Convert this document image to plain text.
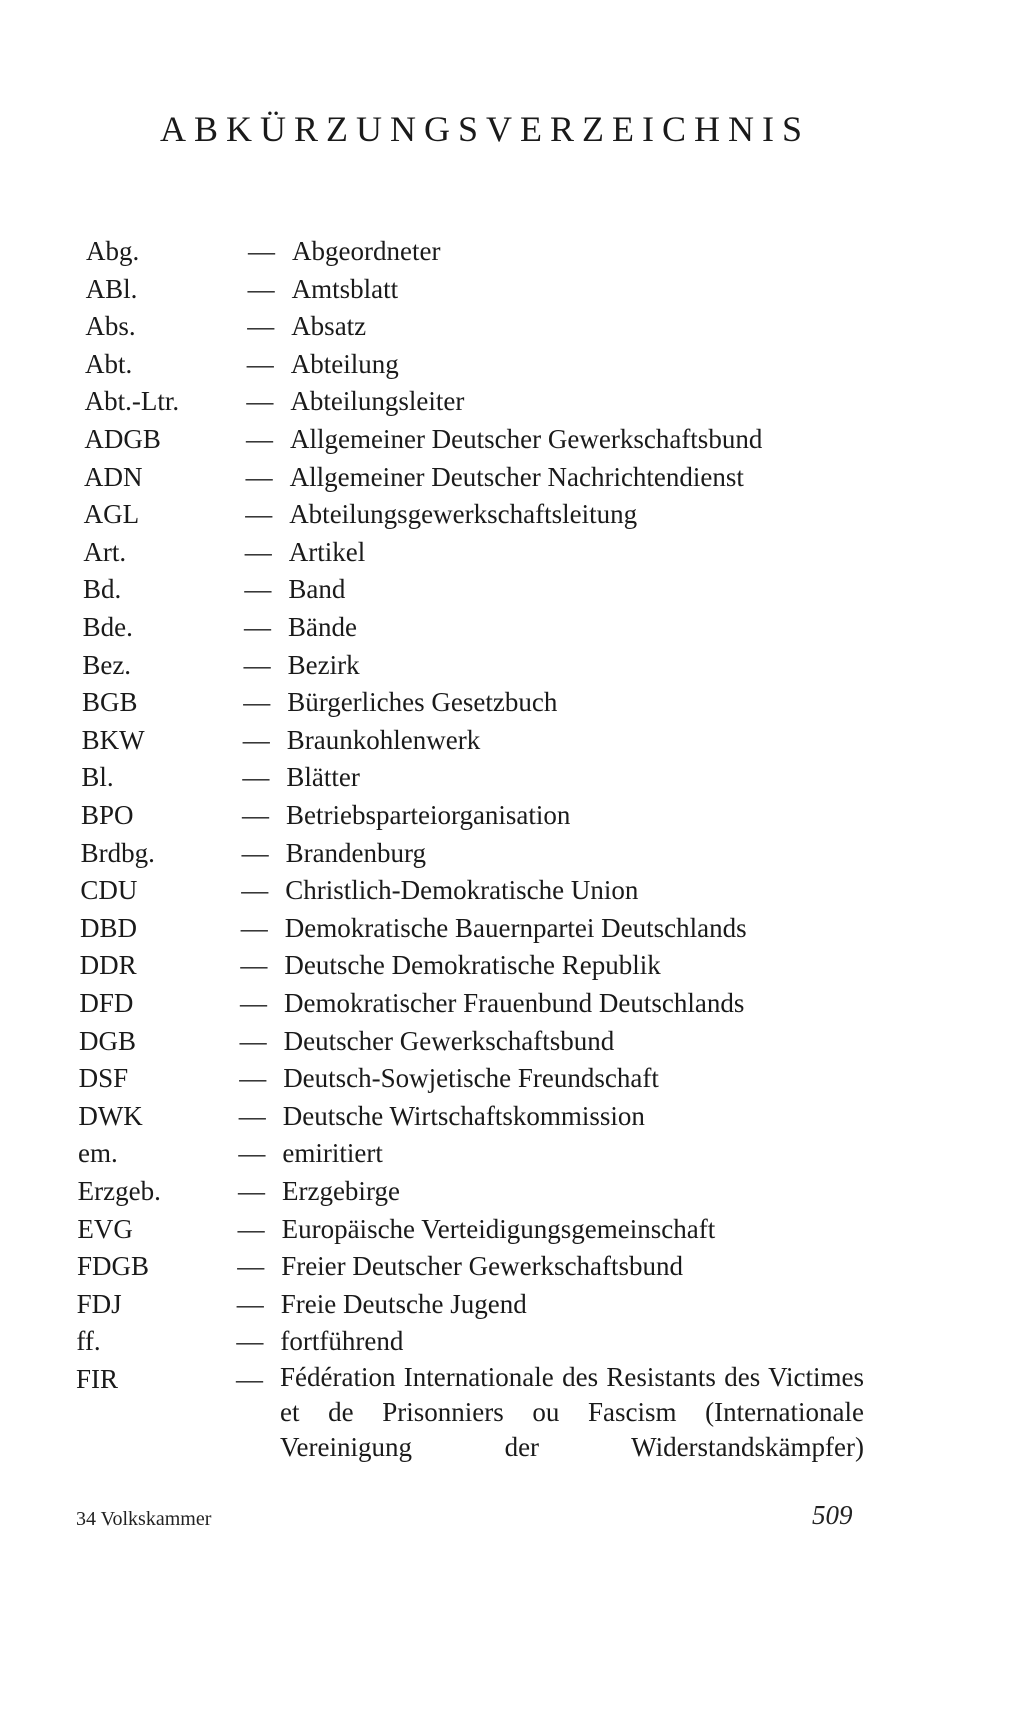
ABKÜRZUNGSVERZEICHNIS
Abg.	— Abgeordneter
ABl.	— Amtsblatt
Abs.	— Absatz
Abt.	— Abteilung
Abt.-Ltr. — Abteilungsleiter
ADGB	— Allgemeiner Deutscher Gewerkschaftsbund
ADN	— Allgemeiner Deutscher Nachrichtendienst
AGL	— Abteilungsgewerkschaftsleitung
Art.	— Artikel
Bd.	— Band
Bde.	— Bände
Bez.	— Bezirk
BGB	— Bürgerliches Gesetzbuch
BKW	— Braunkohlenwerk
Bl.	— Blätter
BPO	— Betriebsparteiorganisation
Brdbg.	— Brandenburg
CDU	— Christlich-Demokratische Union
DBD	— Demokratische Bauernpartei Deutschlands
DDR	— Deutsche Demokratische Republik
DFD	— Demokratischer Frauenbund Deutschlands
DGB	— Deutscher Gewerkschaftsbund
DSF	— Deutsch-Sowjetische Freundschaft
DWK	— Deutsche Wirtschaftskommission
em.	— emiritiert
Erzgeb.	— Erzgebirge
EVG	— Europäische Verteidigungsgemeinschaft
FDGB	— Freier Deutscher Gewerkschaftsbund
FDJ	— Freie Deutsche Jugend
ff.	— fortführend
FIR	— Fédération Internationale des Resistants des Victimes et de Prisonniers ou Fascism (Internationale Vereinigung der Widerstandskämpfer)
34 Volkskammer	509
